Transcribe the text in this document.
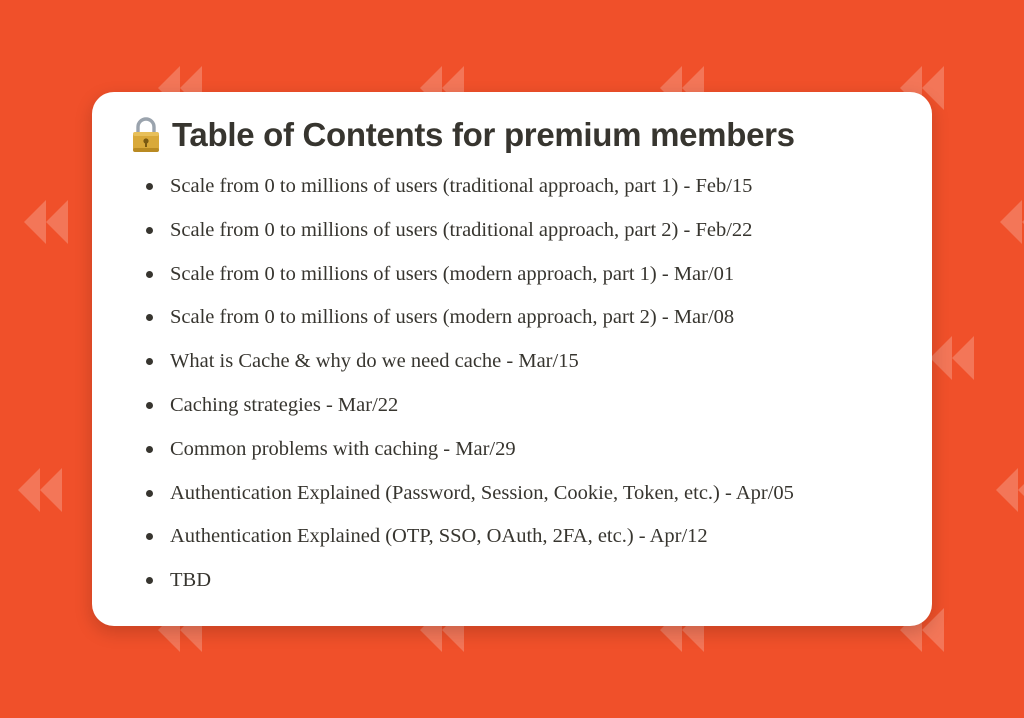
Table of Contents for premium members
Scale from 0 to millions of users (traditional approach, part 1) - Feb/15
Scale from 0 to millions of users (traditional approach, part 2) - Feb/22
Scale from 0 to millions of users (modern approach, part 1) - Mar/01
Scale from 0 to millions of users (modern approach, part 2) - Mar/08
What is Cache & why do we need cache - Mar/15
Caching strategies - Mar/22
Common problems with caching - Mar/29
Authentication Explained (Password, Session, Cookie, Token, etc.) - Apr/05
Authentication Explained (OTP, SSO, OAuth, 2FA, etc.) - Apr/12
TBD
